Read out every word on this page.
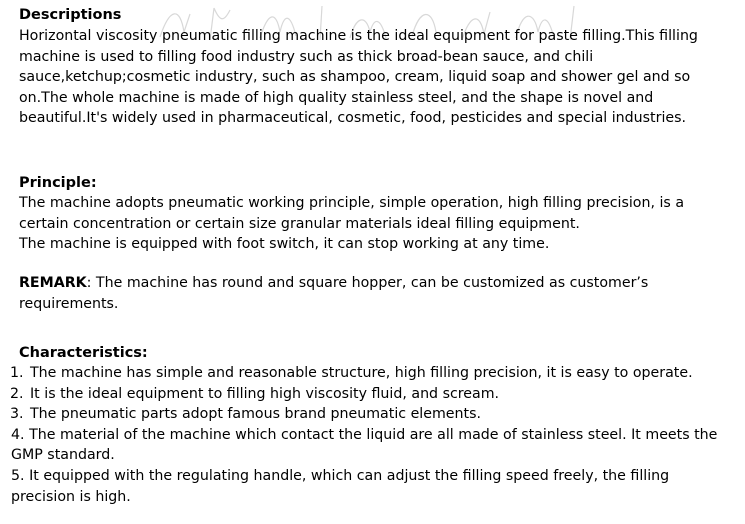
Descriptions

Horizontal viscosity pneumatic filling machine is the ideal equipment for paste filling.This filling machine is used to filling food industry such as thick broad-bean sauce, and chili sauce,ketchup;cosmetic industry, such as shampoo, cream, liquid soap and shower gel and so on.The whole machine is made of high quality stainless steel, and the shape is novel and beautiful.It's widely used in pharmaceutical, cosmetic, food, pesticides and special industries.

Principle:

The machine adopts pneumatic working principle, simple operation, high filling precision, is a certain concentration or certain size granular materials ideal filling equipment.

The machine is equipped with foot switch, it can stop working at any time.

REMARK: The machine has round and square hopper, can be customized as customer’s requirements.

Characteristics:

1. The machine has simple and reasonable structure, high filling precision, it is easy to operate.
2. It is the ideal equipment to filling high viscosity fluid, and scream.
3. The pneumatic parts adopt famous brand pneumatic elements.
4. The material of the machine which contact the liquid are all made of stainless steel. It meets the GMP standard.
5. It equipped with the regulating handle, which can adjust the filling speed freely, the filling precision is high.
